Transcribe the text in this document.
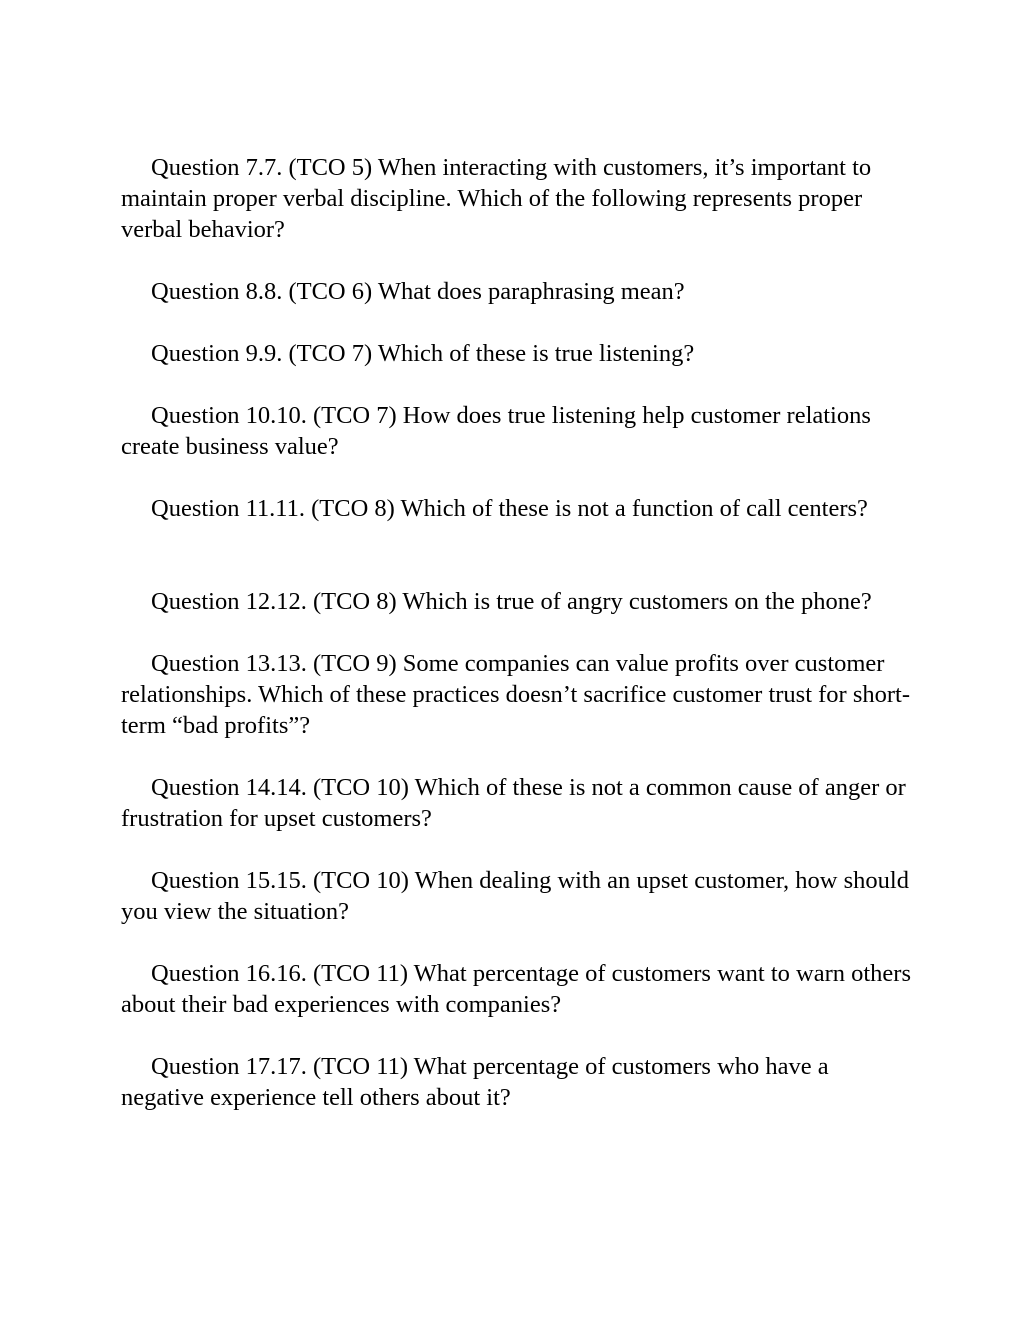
Question 7.7. (TCO 5) When interacting with customers, it’s important to maintain proper verbal discipline. Which of the following represents proper verbal behavior?

Question 8.8. (TCO 6) What does paraphrasing mean?

Question 9.9. (TCO 7) Which of these is true listening?

Question 10.10. (TCO 7) How does true listening help customer relations create business value?

Question 11.11. (TCO 8) Which of these is not a function of call centers?

Question 12.12. (TCO 8) Which is true of angry customers on the phone?

Question 13.13. (TCO 9) Some companies can value profits over customer relationships. Which of these practices doesn’t sacrifice customer trust for short-term “bad profits”?

Question 14.14. (TCO 10) Which of these is not a common cause of anger or frustration for upset customers?

Question 15.15. (TCO 10) When dealing with an upset customer, how should you view the situation?

Question 16.16. (TCO 11) What percentage of customers want to warn others about their bad experiences with companies?

Question 17.17. (TCO 11) What percentage of customers who have a negative experience tell others about it?
